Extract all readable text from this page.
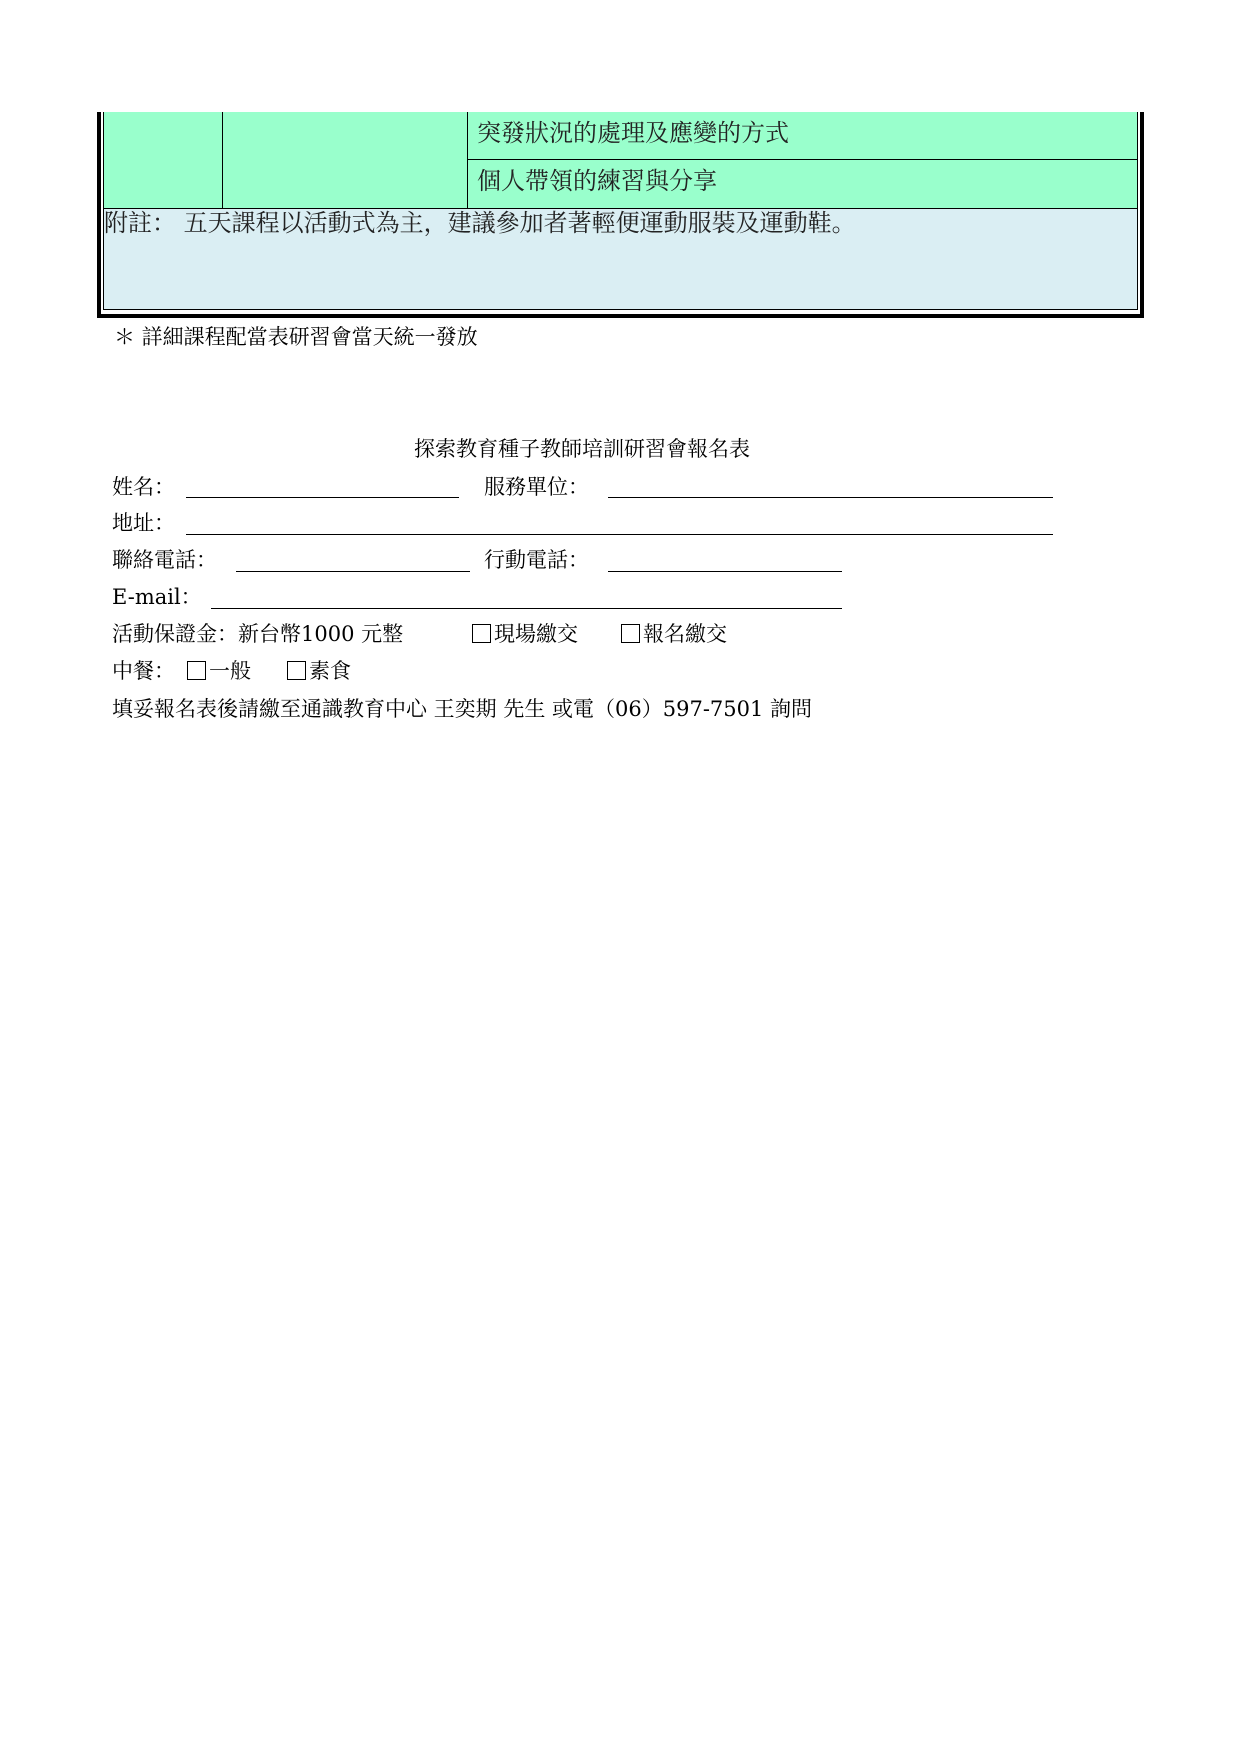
突發狀況的處理及應變的方式
個人帶領的練習與分享
附註： 五天課程以活動式為主，建議參加者著輕便運動服裝及運動鞋。
＊ 詳細課程配當表研習會當天統一發放
探索教育種子教師培訓研習會報名表
姓名：	服務單位：
地址：
聯絡電話：	行動電話：
E-mail：
活動保證金：新台幣1000 元整	現場繳交	報名繳交
中餐： 一般	素食
填妥報名表後請繳至通識教育中心 王奕期 先生 或電（06）597-7501 詢問
